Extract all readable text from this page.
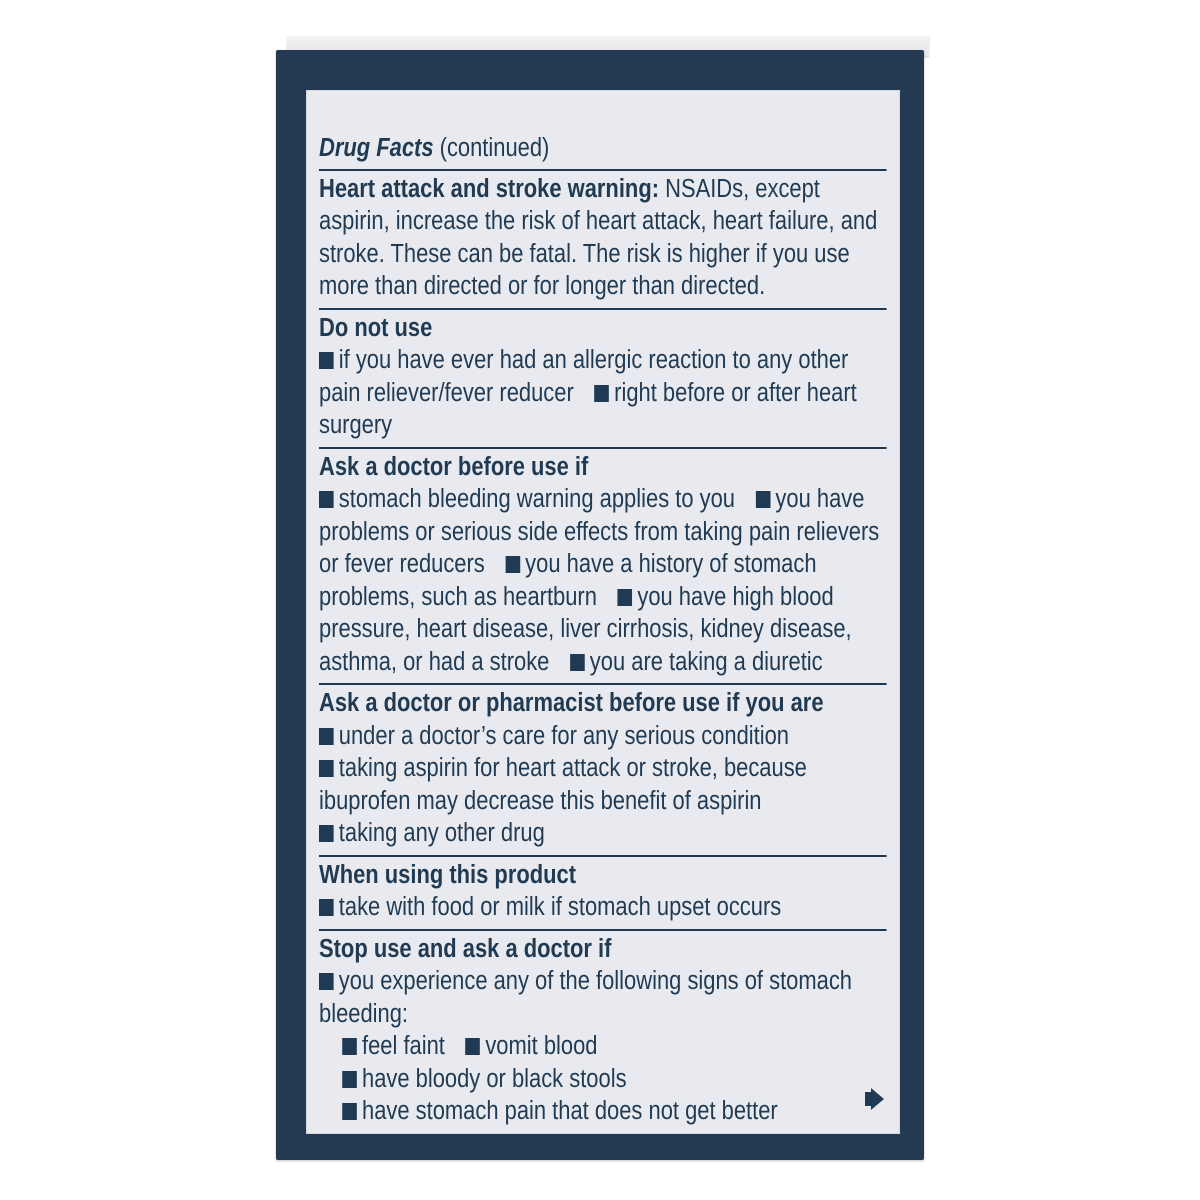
Drug Facts (continued)

Heart attack and stroke warning: NSAIDs, except aspirin, increase the risk of heart attack, heart failure, and stroke. These can be fatal. The risk is higher if you use more than directed or for longer than directed.

Do not use

if you have ever had an allergic reaction to any other pain reliever/fever reducer right before or after heart surgery

Ask a doctor before use if

stomach bleeding warning applies to you you have problems or serious side effects from taking pain relievers or fever reducers you have a history of stomach problems, such as heartburn you have high blood pressure, heart disease, liver cirrhosis, kidney disease, asthma, or had a stroke you are taking a diuretic

Ask a doctor or pharmacist before use if you are
under a doctor’s care for any serious condition
taking aspirin for heart attack or stroke, because ibuprofen may decrease this benefit of aspirin
taking any other drug
When using this product
take with food or milk if stomach upset occurs
Stop use and ask a doctor if
you experience any of the following signs of stomach bleeding:
feel faint vomit blood
have bloody or black stools
have stomach pain that does not get better
